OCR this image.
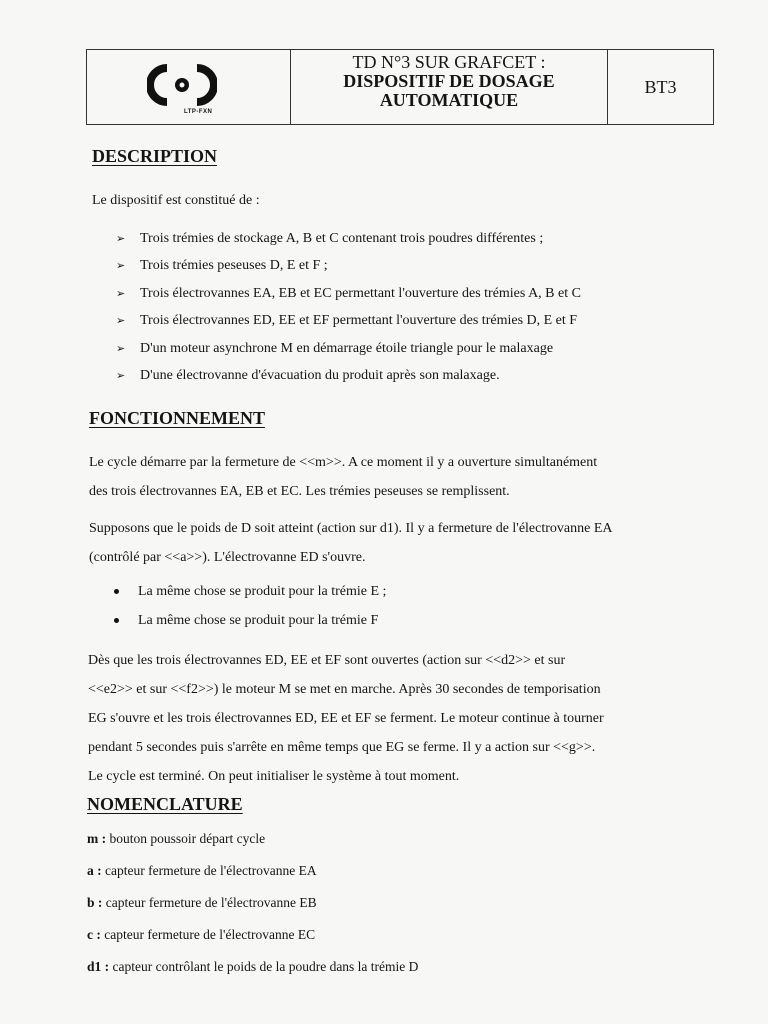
LTP-FXN
TD N°3 SUR GRAFCET :
DISPOSITIF DE DOSAGE
AUTOMATIQUE
BT3
DESCRIPTION
Le dispositif est constitué de :
➢ Trois trémies de stockage A, B et C contenant trois poudres différentes ;
➢ Trois trémies peseuses D, E et F ;
➢ Trois électrovannes EA, EB et EC permettant l'ouverture des trémies A, B et C
➢ Trois électrovannes ED, EE et EF permettant l'ouverture des trémies D, E et F
➢ D'un moteur asynchrone M en démarrage étoile triangle pour le malaxage
➢ D'une électrovanne d'évacuation du produit après son malaxage.
FONCTIONNEMENT
Le cycle démarre par la fermeture de <<m>>. A ce moment il y a ouverture simultanément
des trois électrovannes EA, EB et EC. Les trémies peseuses se remplissent.
Supposons que le poids de D soit atteint (action sur d1). Il y a fermeture de l'électrovanne EA
(contrôlé par <<a>>). L'électrovanne ED s'ouvre.
La même chose se produit pour la trémie E ;
La même chose se produit pour la trémie F
Dès que les trois électrovannes ED, EE et EF sont ouvertes (action sur <<d2>> et sur
<<e2>> et sur <<f2>>) le moteur M se met en marche. Après 30 secondes de temporisation
EG s'ouvre et les trois électrovannes ED, EE et EF se ferment. Le moteur continue à tourner
pendant 5 secondes puis s'arrête en même temps que EG se ferme. Il y a action sur <<g>>.
Le cycle est terminé. On peut initialiser le système à tout moment.
NOMENCLATURE
m : bouton poussoir départ cycle
a : capteur fermeture de l'électrovanne EA
b : capteur fermeture de l'électrovanne EB
c : capteur fermeture de l'électrovanne EC
d1 : capteur contrôlant le poids de la poudre dans la trémie D
